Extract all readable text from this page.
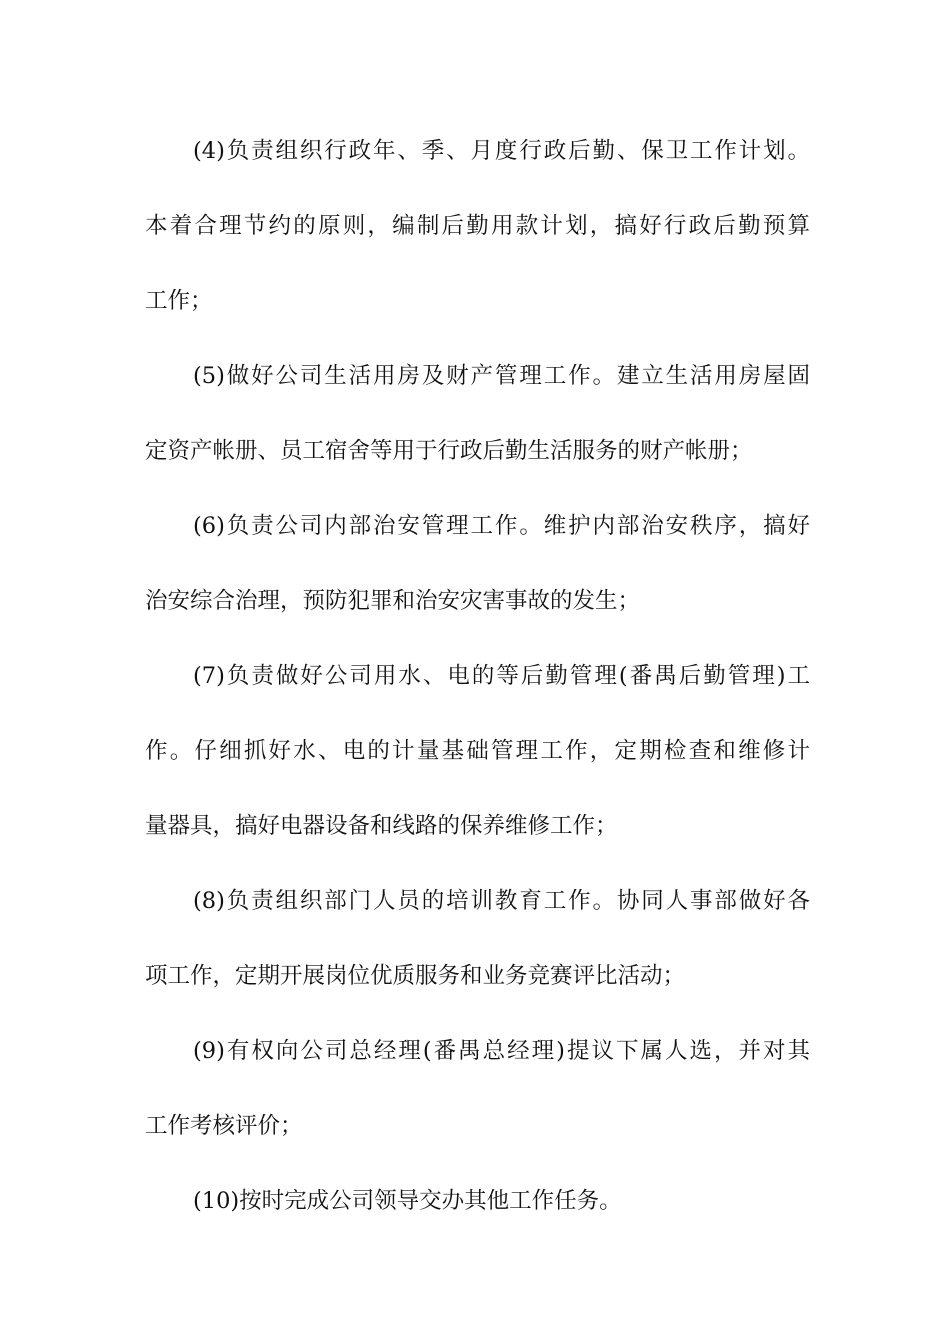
(4)负责组织行政年、季、月度行政后勤、保卫工作计划。
本着合理节约的原则，编制后勤用款计划，搞好行政后勤预算
工作；
(5)做好公司生活用房及财产管理工作。建立生活用房屋固
定资产帐册、员工宿舍等用于行政后勤生活服务的财产帐册；
(6)负责公司内部治安管理工作。维护内部治安秩序，搞好
治安综合治理，预防犯罪和治安灾害事故的发生；
(7)负责做好公司用水、电的等后勤管理(番禺后勤管理)工
作。仔细抓好水、电的计量基础管理工作，定期检查和维修计
量器具，搞好电器设备和线路的保养维修工作；
(8)负责组织部门人员的培训教育工作。协同人事部做好各
项工作，定期开展岗位优质服务和业务竞赛评比活动；
(9)有权向公司总经理(番禺总经理)提议下属人选，并对其
工作考核评价；
(10)按时完成公司领导交办其他工作任务。
